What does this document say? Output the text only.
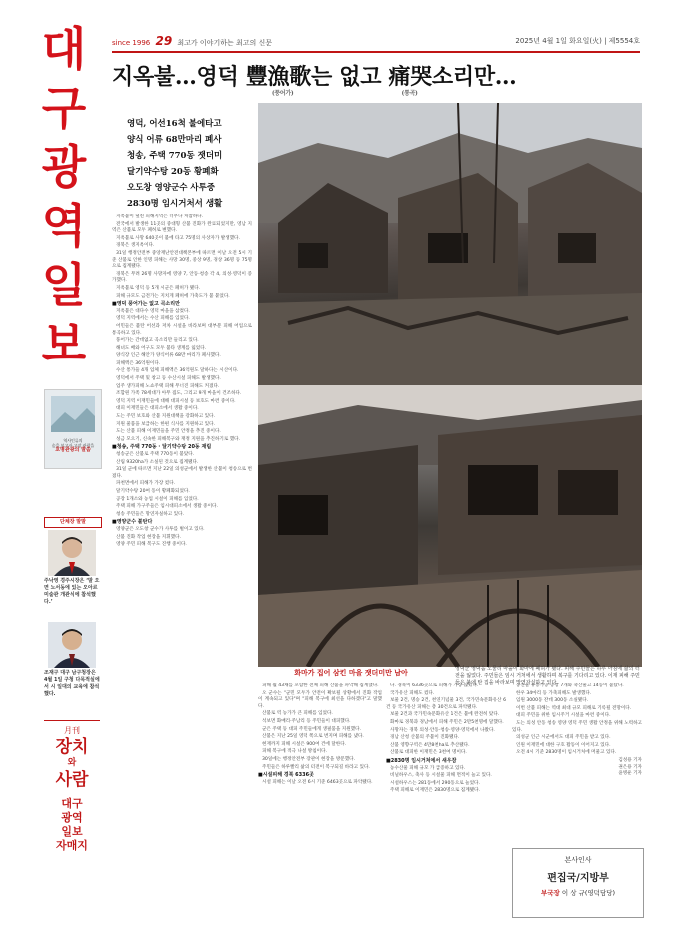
대
구
광
역
일
보
since 1996 29 최고가 이야기하는 최고의 신문	2025년 4월 1일 화요일(火) | 제5554호
지옥불…영덕 豐漁歌
(풍어가)
는 없고 痛哭
(통곡)
소리만…
영덕, 어선16척 불에타고
양식 어류 68만마리 폐사
청송, 주택 770동 잿더미
달기약수탕 20동 황폐화
오도창 영양군수 사투중
2830명 임시거처서 생활
화마가 집어 삼킨 마을 잿더미만 남아	영덕군 영덕읍 노물리 마을이 화마에 폐허가 됐다. 피해 주민들은 하루 아침에 삶의 터전을 잃었다. 주민들은 임시 거처에서 생활하며 복구를 기다리고 있다. 이재 피해 주민들은 불에 탄 집을 바라보며 망연자실하고 있다.

지옥불이 덮친 피해지역은 너무나 처참하다.

전국에서 발생한 11곳의 중대형 산불 진화가 완료되었지만, 영남 지역은 산불로 모두 폐허로 변했다.

지옥불로 사망 640곳이 불에 타고 75명의 사상자가 발생했다.

경북은 생지옥이다.

31일 행정안전부 중앙재난안전대책본부에 따르면 이날 오전 5시 기준 산불로 인한 인명 피해는 사망 30명, 중상 9명, 경상 36명 등 75명으로 집계됐다.

경북은 무려 26명 사망자에 영양 7, 안동·청송 각 4, 의성·영덕이 증가했다.

지옥불로 영덕 등 5개 시군은 폐허가 됐다.

피해 규모도 금전가는 지치게 폐허에 가축도가 불 붙었다.

■영덕 풍어가는 없고 곡소리만

지옥불은 대다수 영덕 마을을 삼켰다.

영덕 지역에서는 수산 피해를 입었다.

어민들은 불탄 어선과 저차 시설을 바라보며 대부분 피해 어업으로 통곡하고 있다.

풍어가는 간데없고 곡소리만 들리고 있다.

해녀도 배와 어구도 모두 불타 생계를 잃었다.

양식장 인근 해안가 양식어류 68만 마리가 폐사했다.

피해액은 36억원이다.

수산 통가들 4개 업체 피해액은 36억원도 달하다는 시산이다.

영덕에서 주택 및 창고 등 수산시설 피해도 발생했다.

업주 생가피해 노쇼주택 피해 무너진 피해도 커졌다.

조합원 가족 78세대가 아무 집도, 그리고 9개 마을이 건조하다.

영덕 지역 이재민들에 대해 대피시설 등 보호도 마련 중이다.

대피 이재민들은 대피소에서 생활 중이다.

도는 주민 보호와 산불 지원대책을 강화하고 있다.

지원 물품을 보급하는 한편 식사를 지원하고 있다.

도는 산불 피해 이재민들을 주민 안정을 추진 중이다.

성금 모으기, 신속한 피해복구와 재정 지원을 추진하기로 했다.

■청송, 주택 770동 · 달기약수탕 20동 재림

청송군은 산불로 주택 770동이 불탔다.

산림 9320ha가 소실된 것으로 집계됐다.

31일 군에 따르면 지난 22일 의성군에서 발생한 산불이 청송으로 번졌다.

파천면에서 피해가 가장 컸다.

달기약수탕 20여 동이 황폐화되었다.

공장 1개소와 농업 시설이 피해를 입었다.

주택 피해 가구주들은 임시대피소에서 생활 중이다.

청송 주민들은 망연자실하고 있다.

■영양군수 불탄다

영양군은 오도창 군수가 사투를 벌이고 있다.

산불 진화 작업 현장을 지휘했다.

영양 주민 피해 복구도 진행 중이다.

피해 월 43채를 포함한 전체 피해 산불을 파악해 집계했다.

오 군수는 "군민 모두가 안전이 확보될 상황에서 진화 작업이 계속되고 있다"며 "피해 복구에 최선을 다하겠다"고 말했다.

산불로 역 농가가 큰 피해를 입었다.

석보면 화매리·주남리 등 주민들이 대피했다.

군은 주택 등 대피 주민들에게 생필품을 지원했다.

산불은 지난 25일 영덕 쪽으로 번지며 피해를 냈다.

현재까지 피해 시설은 900여 건에 달한다.

피해 복구에 적극 나설 방침이다.

30일에는 행정안전부 장관이 현장을 방문했다.

주민들은 하루빨리 삶의 터전이 복구되길 바라고 있다.

■시설피해 경북 6336곳

시설 피해는 이날 오전 6시 기준 6463곳으로 파악됐다.

다. 경북이 6336곳으로 피해가 가장 많았다.

국가유산 피해도 컸다.

보물 2건, 명승 2건, 천연기념물 3건, 국가민속문화유산 6건 등 국가유산 피해는 총 30건으로 파악됐다.

보물 2건과 국가민속문화유산 1건은 불에 완전히 탔다.

화마로 경북과 경남에서 피해 주민은 2만5천명에 달했다.

사망자는 경북 의성·안동·청송·영양·영덕에서 나왔다.

경남 산청 산불의 주불이 진화됐다.

산불 영향구역은 4만8천ha로 추산됐다.

산불로 대피한 이재민은 3천여 명이다.

■2830명 임시거처에서 새우잠

농수산물 피해 규모 가 급증하고 있다.

비닐하우스, 축사 등 시설물 피해 면적이 늘고 있다.

시설하우스는 281동에서 290동으로 늘었다.

주택 피해로 이재민은 2830명으로 집계됐다.

농산물 유통가공 공장 7개와 축산물고 14동이 불탔다.

한우 34마리 등 가축피해도 발생했다.

임원 3000동 잔데 300동 소실됐다.

이번 산불 피해는 역대 최대 규모 피해로 기록될 전망이다.

대피 주민을 위한 임시주거 시설을 마련 중이다.

도는 의성 안동 청송 영양 영덕 주민 생활 안정을 위해 노력하고 있다.

의성군 인근 시군에서도 대피 주민을 받고 있다.

인원 이재민에 대한 구호 활동이 이어지고 있다.

오전 4시 기준 2830명이 임시거처에 머물고 있다.

김성용 기자
권은용 기자
윤병운 기자
역사인류의
숨을 보고자 고장 관광을
호명관광의 말씀
단체장 말말
주낙영 경주시장은 ‘말 오면 노서동에 있는 오아르 미술관 개관식에 참석했다.’
조재구 대구 남구청장은 4월 1일 구청 다목적실에서 시 일대의 교육에 참석했다.
月刊
장치
와
사람
대구
광역
일보
자매지
본사인사
편집국/지방부
부국장 이 상 규(영덕담당)
